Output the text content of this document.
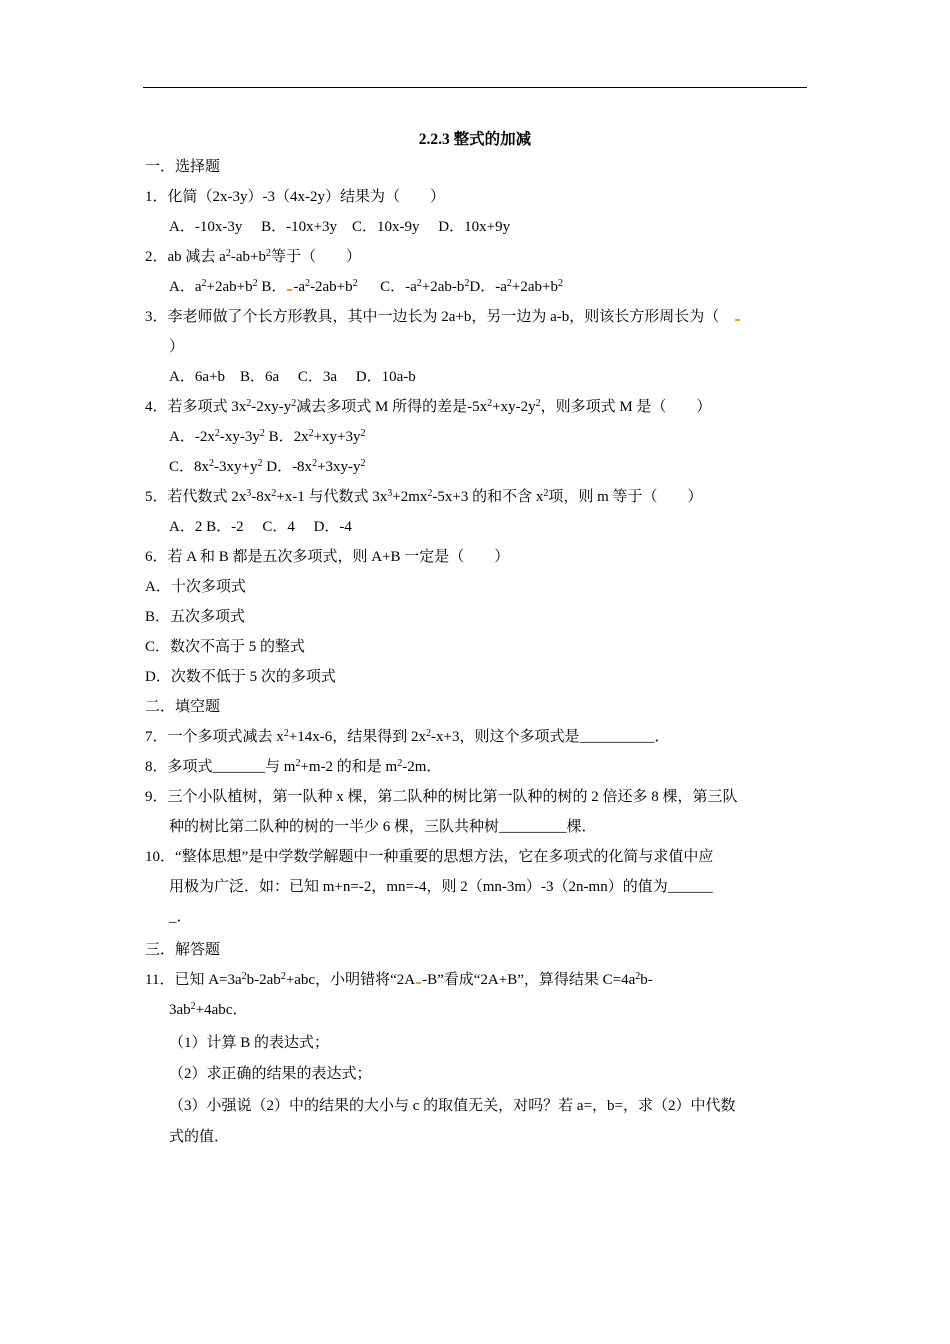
2.2.3 整式的加减
一．选择题
1．化简（2x-3y）-3（4x-2y）结果为（　　）
A．-10x-3y　 B．-10x+3y　C．10x-9y　 D．10x+9y
2．ab 减去 $a^2-ab+b^2$等于（　　）
A．$a^2+2ab+b^2$ B． $-a^2-2ab+b^2$ C．$-a^2+2ab-b^2D$．$-a^2+2ab+b^2$
3．李老师做了个长方形教具，其中一边长为 2a+b，另一边为 a-b，则该长方形周长为（
）
A．6a+b　B．6a　 C．3a　 D．10a-b
4．若多项式 $3x^2-2xy-y^2$减去多项式 M 所得的差是$-5x^2+xy-2y^2$，则多项式 M 是（　　）
A．$-2x^2-xy-3y^2$ B．$2x^2+xy+3y^2$
C．$8x^2-3xy+y^2$ D．$-8x^2+3xy-y^2$
5．若代数式 $2x^3-8x^2+x-1$ 与代数式 $3x^3+2mx^2-5x+3$ 的和不含 $x^2$项，则 m 等于（　　）
A．2 B．-2　 C．4　 D．-4
6．若 A 和 B 都是五次多项式，则 A+B 一定是（　　）
A．十次多项式
B．五次多项式
C．数次不高于 5 的整式
D．次数不低于 5 次的多项式
二．填空题
7．一个多项式减去 $x^2+14x-6$，结果得到 $2x^2-x+3$，则这个多项式是__________．
8．多项式_______与 $m^2+m-2$ 的和是 $m^2-2m$．
9．三个小队植树，第一队种 x 棵，第二队种的树比第一队种的树的 2 倍还多 8 棵，第三队
种的树比第二队种的树的一半少 6 棵，三队共种树_________棵．
10．“整体思想”是中学数学解题中一种重要的思想方法，它在多项式的化简与求值中应
用极为广泛．如：已知 m+n=-2，mn=-4，则 2（mn-3m）-3（2n-mn）的值为______
_．
三．解答题
11．已知 $A=3a^2b-2ab^2+abc$，小明错将“2A -B”看成“2A+B”，算得结果 $C=4a^2b-$
$3ab^2+4abc$．
（1）计算 B 的表达式；
（2）求正确的结果的表达式；
（3）小强说（2）中的结果的大小与 c 的取值无关，对吗？若 a=，b=，求（2）中代数
式的值．
